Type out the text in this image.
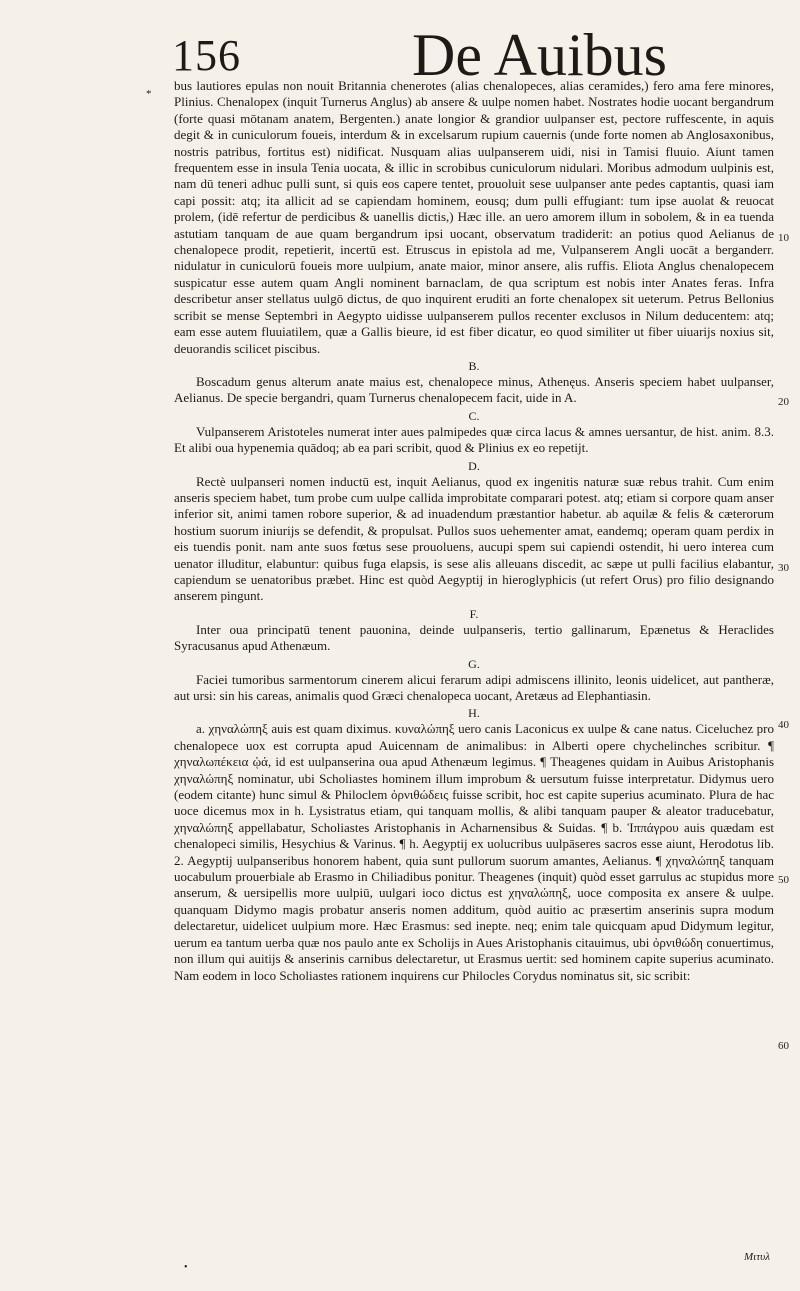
156	De Auibus
*

bus lautiores epulas non nouit Britannia chenerotes (alias chenalopeces, alias ceramides,) fero ama fere minores, Plinius. Chenalopex (inquit Turnerus Anglus) ab ansere & uulpe nomen habet. Nostrates hodie uocant bergandrum (forte quasi mōtanam anatem, Bergenten.) anate longior & grandior uulpanser est, pectore ruffescente, in aquis degit & in cuniculorum foueis, interdum & in excelsarum rupium cauernis (unde forte nomen ab Anglosaxonibus, nostris patribus, fortitus est) nidificat. Nusquam alias uulpanserem uidi, nisi in Tamisi fluuio. Aiunt tamen frequentem esse in insula Tenia uocata, & illic in scrobibus cuniculorum nidulari. Moribus admodum uulpinis est, nam dū teneri adhuc pulli sunt, si quis eos capere tentet, prouoluit sese uulpanser ante pedes captantis, quasi iam capi possit: atq; ita allicit ad se capiendam hominem, eousq; dum pulli effugiant: tum ipse auolat & reuocat prolem, (idē refertur de perdicibus & uanellis dictis,) Hæc ille. an uero amorem illum in sobolem, & in ea tuenda astutiam tanquam de aue quam bergandrum ipsi uocant, observatum tradiderit: an potius quod Aelianus de chenalopece prodit, repetierit, incertū est. Etruscus in epistola ad me, Vulpanserem Angli uocāt a berganderr. nidulatur in cuniculorū foueis more uulpium, anate maior, minor ansere, alis ruffis. Eliota Anglus chenalopecem suspicatur esse autem quam Angli nominent barnaclam, de qua scriptum est nobis inter Anates feras. Infra describetur anser stellatus uulgō dictus, de quo inquirent eruditi an forte chenalopex sit ueterum. Petrus Bellonius scribit se mense Septembri in Aegypto uidisse uulpanserem pullos recenter exclusos in Nilum deducentem: atq; eam esse autem fluuiatilem, quæ a Gallis bieure, id est fiber dicatur, eo quod similiter ut fiber uiuarijs noxius sit, deuorandis scilicet piscibus.

B.

Boscadum genus alterum anate maius est, chenalopece minus, Athenęus. Anseris speciem habet uulpanser, Aelianus. De specie bergandri, quam Turnerus chenalopecem facit, uide in A.

C.

Vulpanserem Aristoteles numerat inter aues palmipedes quæ circa lacus & amnes uersantur, de hist. anim. 8.3. Et alibi oua hypenemia quādoq; ab ea pari scribit, quod & Plinius ex eo repetijt.

D.

Rectè uulpanseri nomen inductū est, inquit Aelianus, quod ex ingenitis naturæ suæ rebus trahit. Cum enim anseris speciem habet, tum probe cum uulpe callida improbitate comparari potest. atq; etiam si corpore quam anser inferior sit, animi tamen robore superior, & ad inuadendum præstantior habetur. ab aquilæ & felis & cæterorum hostium suorum iniurijs se defendit, & propulsat. Pullos suos uehementer amat, eandemq; operam quam perdix in eis tuendis ponit. nam ante suos fœtus sese prouoluens, aucupi spem sui capiendi ostendit, hi uero interea cum uenator illuditur, elabuntur: quibus fuga elapsis, is sese alis alleuans discedit, ac sæpe ut pulli facilius elabantur, capiendum se uenatoribus præbet. Hinc est quòd Aegyptij in hieroglyphicis (ut refert Orus) pro filio designando anserem pingunt.

F.

Inter oua principatū tenent pauonina, deinde uulpanseris, tertio gallinarum, Epænetus & Heraclides Syracusanus apud Athenæum.

G.

Faciei tumoribus sarmentorum cinerem alicui ferarum adipi admiscens illinito, leonis uidelicet, aut pantheræ, aut ursi: sin his careas, animalis quod Græci chenalopeca uocant, Aretæus ad Elephantiasin.

H.

a. χηναλώπηξ auis est quam diximus. κυναλώπηξ uero canis Laconicus ex uulpe & cane natus. Ciceluchez pro chenalopece uox est corrupta apud Auicennam de animalibus: in Alberti opere chychelinches scribitur. ¶ χηναλωπέκεια ᾠά, id est uulpanserina oua apud Athenæum legimus. ¶ Theagenes quidam in Auibus Aristophanis χηναλώπηξ nominatur, ubi Scholiastes hominem illum improbum & uersutum fuisse interpretatur. Didymus uero (eodem citante) hunc simul & Philoclem ὀρνιθώδεις fuisse scribit, hoc est capite superius acuminato. Plura de hac uoce dicemus mox in h. Lysistratus etiam, qui tanquam mollis, & alibi tanquam pauper & aleator traducebatur, χηναλώπηξ appellabatur, Scholiastes Aristophanis in Acharnensibus & Suidas. ¶ b. Ἱππάγρου auis quædam est chenalopeci similis, Hesychius & Varinus. ¶ h. Aegyptij ex uolucribus uulpāseres sacros esse aiunt, Herodotus lib. 2. Aegyptij uulpanseribus honorem habent, quia sunt pullorum suorum amantes, Aelianus. ¶ χηναλώπηξ tanquam uocabulum prouerbiale ab Erasmo in Chiliadibus ponitur. Theagenes (inquit) quòd esset garrulus ac stupidus more anserum, & uersipellis more uulpiū, uulgari ioco dictus est χηναλώπηξ, uoce composita ex ansere & uulpe. quanquam Didymo magis probatur anseris nomen additum, quòd auitio ac præsertim anserinis supra modum delectaretur, uidelicet uulpium more. Hæc Erasmus: sed inepte. neq; enim tale quicquam apud Didymum legitur, uerum ea tantum uerba quæ nos paulo ante ex Scholijs in Aues Aristophanis citauimus, ubi ὀρνιθώδη conuertimus, non illum qui auitijs & anserinis carnibus delectaretur, ut Erasmus uertit: sed hominem capite superius acuminato. Nam eodem in loco Scholiastes rationem inquirens cur Philocles Corydus nominatus sit, sic scribit:

10
20
30
40
50
60
Μιτυλ
•
